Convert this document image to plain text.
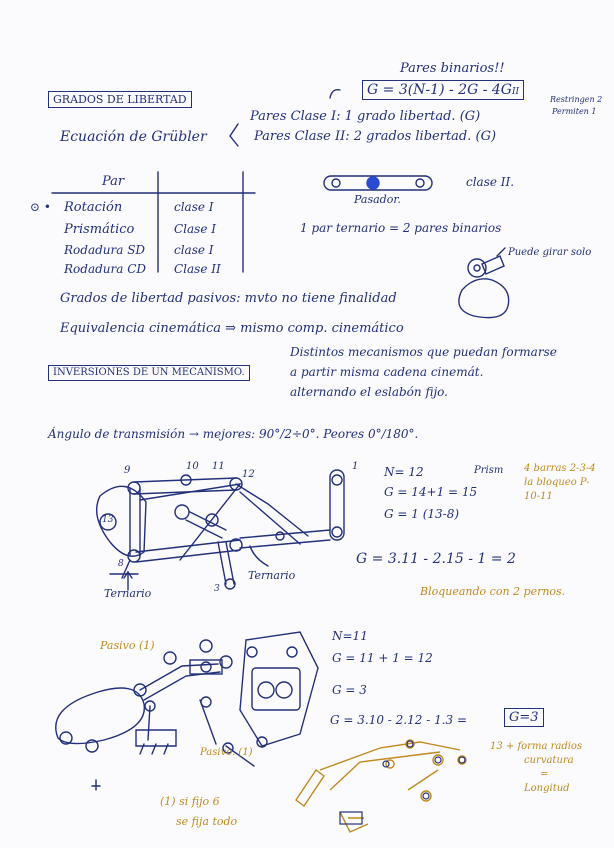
Pares binarios!!
G = 3(N-1) - 2G - 4GII
Restringen 2
Permiten 1
GRADOS DE LIBERTAD
Ecuación de Grübler
Pares Clase I: 1 grado libertad. (G)
Pares Clase II: 2 grados libertad. (G)
Par
⊙ • Rotación	clase I
Prismático	Clase I
Rodadura SD clase I
Rodadura CD Clase II
clase II.
Pasador.
1 par ternario = 2 pares binarios
Puede girar solo
Grados de libertad pasivos: mvto no tiene finalidad
Equivalencia cinemática ⇒ mismo comp. cinemático
INVERSIONES DE UN MECANISMO.
Distintos mecanismos que puedan formarse
a partir misma cadena cinemát.
alternando el eslabón fijo.
Ángulo de transmisión → mejores: 90°/2÷0°. Peores 0°/180°.
9	10 11
12
13
8
1
3
Ternario
Ternario
N= 12	Prism
G = 14+1 = 15
G = 1 (13-8)
G = 3.11 - 2.15 - 1 = 2
4 barras 2-3-4 la bloqueo P-10-11
Bloqueando con 2 pernos.
Pasivo (1)
Pasivo. (1)
N=11
G = 11 + 1 = 12
G = 3
G = 3.10 - 2.12 - 1.3 =	G=3
13 + forma radios
curvatura
=
Longitud
(1) si fijo 6
se fija todo
